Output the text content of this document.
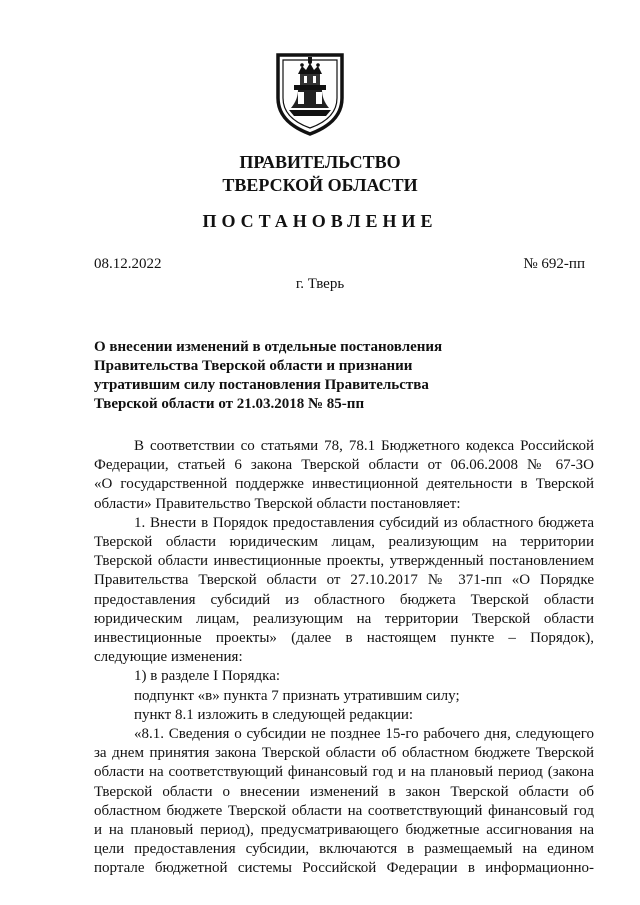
ПРАВИТЕЛЬСТВО
ТВЕРСКОЙ ОБЛАСТИ
ПОСТАНОВЛЕНИЕ
08.12.2022	№ 692-пп
г. Тверь
О внесении изменений в отдельные постановления
Правительства Тверской области и признании
утратившим силу постановления Правительства
Тверской области от 21.03.2018 № 85-пп
В соответствии со статьями 78, 78.1 Бюджетного кодекса Российской
Федерации, статьей 6 закона Тверской области от 06.06.2008 № 67-ЗО
«О государственной поддержке инвестиционной деятельности в Тверской
области» Правительство Тверской области постановляет:
1. Внести в Порядок предоставления субсидий из областного бюджета
Тверской области юридическим лицам, реализующим на территории
Тверской области инвестиционные проекты, утвержденный постановлением
Правительства Тверской области от 27.10.2017 № 371-пп «О Порядке
предоставления субсидий из областного бюджета Тверской области
юридическим лицам, реализующим на территории Тверской области
инвестиционные проекты» (далее в настоящем пункте – Порядок),
следующие изменения:
1) в разделе I Порядка:
подпункт «в» пункта 7 признать утратившим силу;
пункт 8.1 изложить в следующей редакции:
«8.1. Сведения о субсидии не позднее 15-го рабочего дня, следующего
за днем принятия закона Тверской области об областном бюджете Тверской
области на соответствующий финансовый год и на плановый период (закона
Тверской области о внесении изменений в закон Тверской области об
областном бюджете Тверской области на соответствующий финансовый год
и на плановый период), предусматривающего бюджетные ассигнования на
цели предоставления субсидии, включаются в размещаемый на едином
портале бюджетной системы Российской Федерации в информационно-
